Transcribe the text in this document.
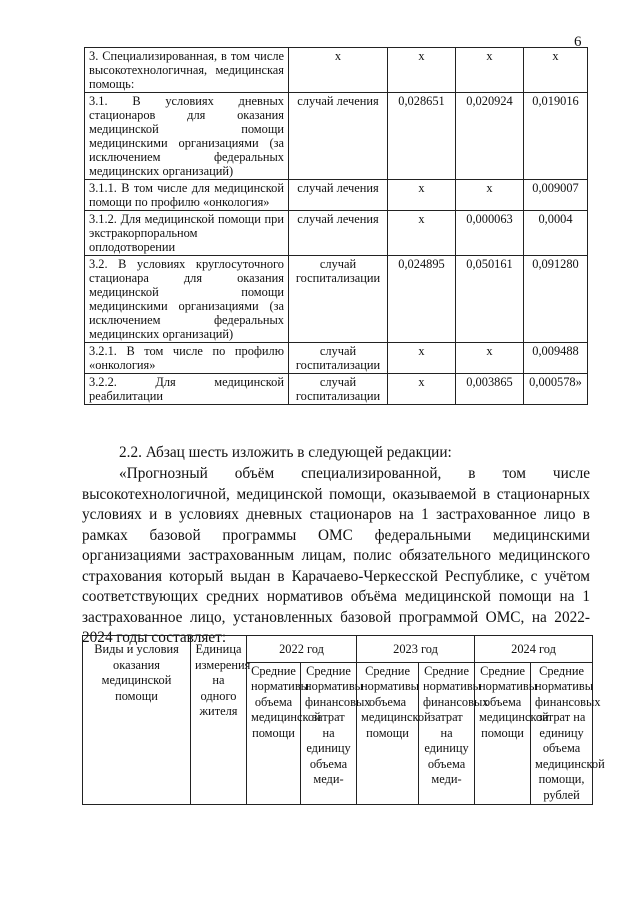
6
3. Специализированная, в том числе высокотехнологичная, медицинская помощь:	х	х	х	х
3.1. В условиях дневных стационаров для оказания медицинской помощи медицинскими организациями (за исключением федеральных медицинских организаций)	случай лечения	0,028651	0,020924	0,019016
3.1.1. В том числе для медицинской помощи по профилю «онкология»	случай лечения	х	х	0,009007
3.1.2. Для медицинской помощи при экстракорпоральном оплодотворении	случай лечения	х	0,000063	0,0004
3.2. В условиях круглосуточного стационара для оказания медицинской помощи медицинскими организациями (за исключением федеральных медицинских организаций)	случай госпитализации	0,024895	0,050161	0,091280
3.2.1. В том числе по профилю «онкология»	случай госпитализации	х	х	0,009488
3.2.2. Для медицинской реабилитации	случай госпитализации	х	0,003865	0,000578»
2.2. Абзац шесть изложить в следующей редакции:
«Прогнозный объём специализированной, в том числе высокотехнологичной, медицинской помощи, оказываемой в стационарных условиях и в условиях дневных стационаров на 1 застрахованное лицо в рамках базовой программы ОМС федеральными медицинскими организациями застрахованным лицам, полис обязательного медицинского страхования который выдан в Карачаево-Черкесской Республике, с учётом соответствующих средних нормативов объёма медицинской помощи на 1 застрахованное лицо, установленных базовой программой ОМС, на 2022-2024 годы составляет:
Виды и условия оказания медицинской помощи	Единица измерения на одного жителя	2022 год		2023 год		2024 год	
		Средние нормативы объема медицинской помощи	Средние нормативы финансовых затрат на единицу объема меди-	Средние нормативы объема медицинской помощи	Средние нормативы финансовых затрат на единицу объема меди-	Средние нормативы объема медицинской помощи	Средние нормативы финансовых затрат на единицу объема медицинской помощи, рублей
